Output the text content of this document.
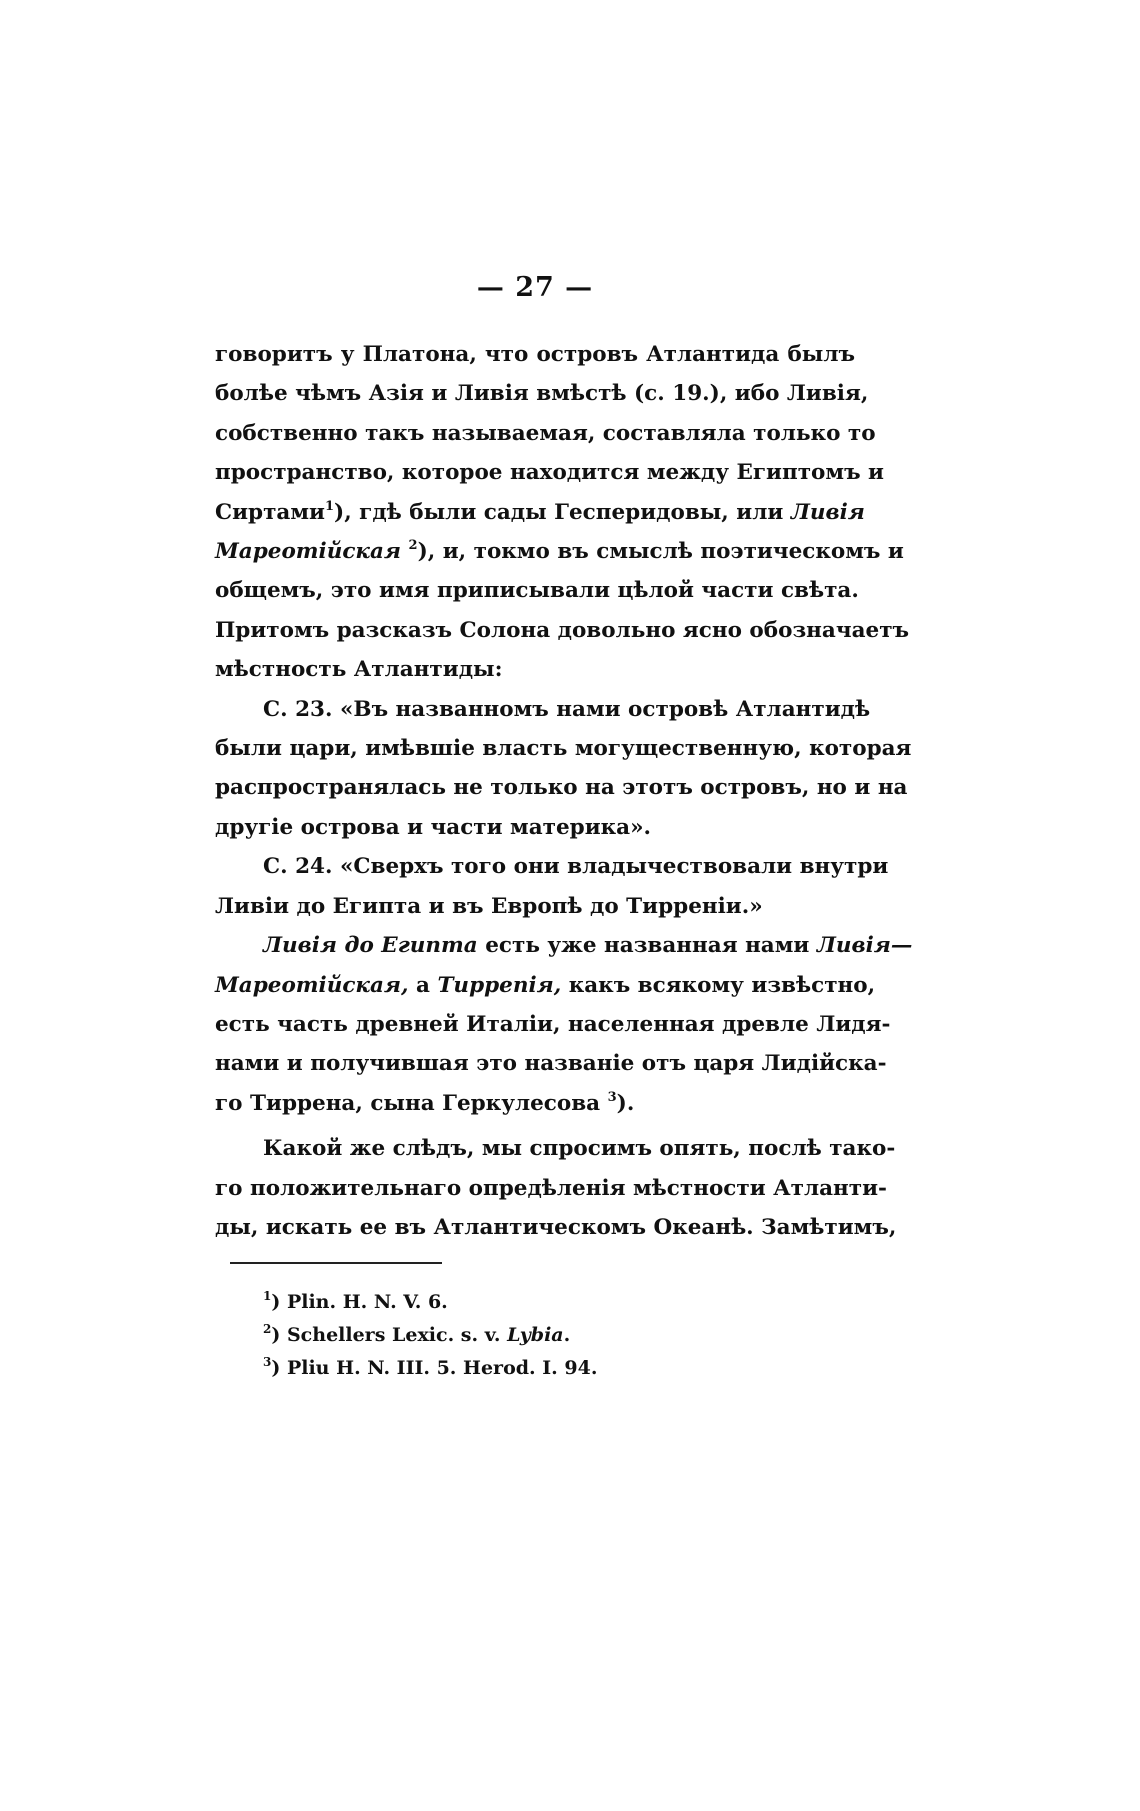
— 27 —
говоритъ у Платона, что островъ Атлантида былъ
болѣе чѣмъ Азія и Ливія вмѣстѣ (с. 19.), ибо Ливія,
собственно такъ называемая, составляла только то
пространство, которое находится между Египтомъ и
Сиртами$^1$), гдѣ были сады Гесперидовы, или Ливія
Мареотійская $^2$), и, токмо въ смыслѣ поэтическомъ и
общемъ, это имя приписывали цѣлой части свѣта.
Притомъ разсказъ Солона довольно ясно обозначаетъ
мѣстность Атлантиды:
С. 23. «Въ названномъ нами островѣ Атлантидѣ
были цари, имѣвшіе власть могущественную, которая
распространялась не только на этотъ островъ, но и на
другіе острова и части материка».
С. 24. «Сверхъ того они владычествовали внутри
Ливіи до Египта и въ Европѣ до Тирреніи.»
Ливія до Египта есть уже названная нами Ливія—
Мареотійская, а Тиррепія, какъ всякому извѣстно,
есть часть древней Италіи, населенная древле Лидя-
нами и получившая это названіе отъ царя Лидійска-
го Тиррена, сына Геркулесова $^3$).
Какой же слѣдъ, мы спросимъ опять, послѣ тако-
го положительнаго опредѣленія мѣстности Атланти-
ды, искать ее въ Атлантическомъ Океанѣ. Замѣтимъ,
$^1$) Plin. H. N. V. 6.
$^2$) Schellers Lexic. s. v. Lybia.
$^3$) Pliu H. N. III. 5. Herod. I. 94.
